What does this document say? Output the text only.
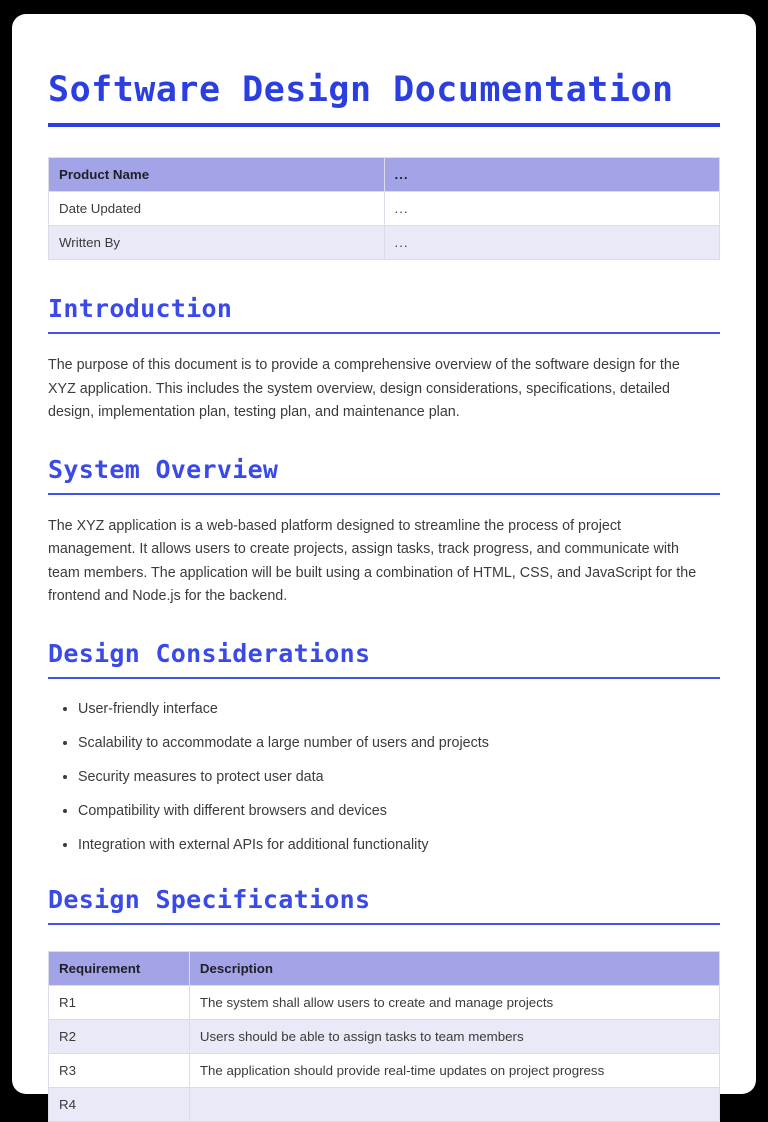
Software Design Documentation
Product Name	...
Date Updated	...
Written By	...
Introduction

The purpose of this document is to provide a comprehensive overview of the software design for the XYZ application. This includes the system overview, design considerations, specifications, detailed design, implementation plan, testing plan, and maintenance plan.

System Overview

The XYZ application is a web-based platform designed to streamline the process of project management. It allows users to create projects, assign tasks, track progress, and communicate with team members. The application will be built using a combination of HTML, CSS, and JavaScript for the frontend and Node.js for the backend.

Design Considerations
User-friendly interface
Scalability to accommodate a large number of users and projects
Security measures to protect user data
Compatibility with different browsers and devices
Integration with external APIs for additional functionality
Design Specifications
Requirement	Description
R1	The system shall allow users to create and manage projects
R2	Users should be able to assign tasks to team members
R3	The application should provide real-time updates on project progress
R4	
